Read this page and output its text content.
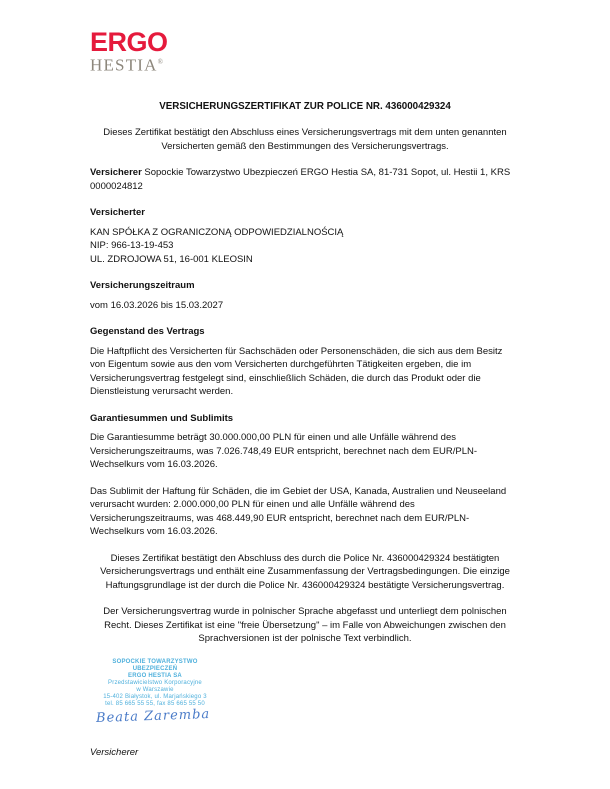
ERGO
HESTIA®
VERSICHERUNGSZERTIFIKAT ZUR POLICE NR. 436000429324

Dieses Zertifikat bestätigt den Abschluss eines Versicherungsvertrags mit dem unten genannten Versicherten gemäß den Bestimmungen des Versicherungsvertrags.

Versicherer Sopockie Towarzystwo Ubezpieczeń ERGO Hestia SA, 81-731 Sopot, ul. Hestii 1, KRS 0000024812

Versicherter
KAN SPÓŁKA Z OGRANICZONĄ ODPOWIEDZIALNOŚCIĄ
NIP: 966-13-19-453
UL. ZDROJOWA 51, 16-001 KLEOSIN
Versicherungszeitraum

vom 16.03.2026 bis 15.03.2027

Gegenstand des Vertrags

Die Haftpflicht des Versicherten für Sachschäden oder Personenschäden, die sich aus dem Besitz von Eigentum sowie aus den vom Versicherten durchgeführten Tätigkeiten ergeben, die im Versicherungsvertrag festgelegt sind, einschließlich Schäden, die durch das Produkt oder die Dienstleistung verursacht werden.

Garantiesummen und Sublimits

Die Garantiesumme beträgt 30.000.000,00 PLN für einen und alle Unfälle während des Versicherungszeitraums, was 7.026.748,49 EUR entspricht, berechnet nach dem EUR/PLN-Wechselkurs vom 16.03.2026.

Das Sublimit der Haftung für Schäden, die im Gebiet der USA, Kanada, Australien und Neuseeland verursacht wurden: 2.000.000,00 PLN für einen und alle Unfälle während des Versicherungszeitraums, was 468.449,90 EUR entspricht, berechnet nach dem EUR/PLN-Wechselkurs vom 16.03.2026.

Dieses Zertifikat bestätigt den Abschluss des durch die Police Nr. 436000429324 bestätigten Versicherungsvertrags und enthält eine Zusammenfassung der Vertragsbedingungen. Die einzige Haftungsgrundlage ist der durch die Police Nr. 436000429324 bestätigte Versicherungsvertrag.

Der Versicherungsvertrag wurde in polnischer Sprache abgefasst und unterliegt dem polnischen Recht. Dieses Zertifikat ist eine "freie Übersetzung" – im Falle von Abweichungen zwischen den Sprachversionen ist der polnische Text verbindlich.

SOPOCKIE TOWARZYSTWO UBEZPIECZEŃ
ERGO HESTIA SA
Przedstawicielstwo Korporacyjne
w Warszawie
15-402 Białystok, ul. Marjańskiego 3
tel. 85 665 55 55, fax 85 665 55 50
Beata Zaremba
Versicherer
